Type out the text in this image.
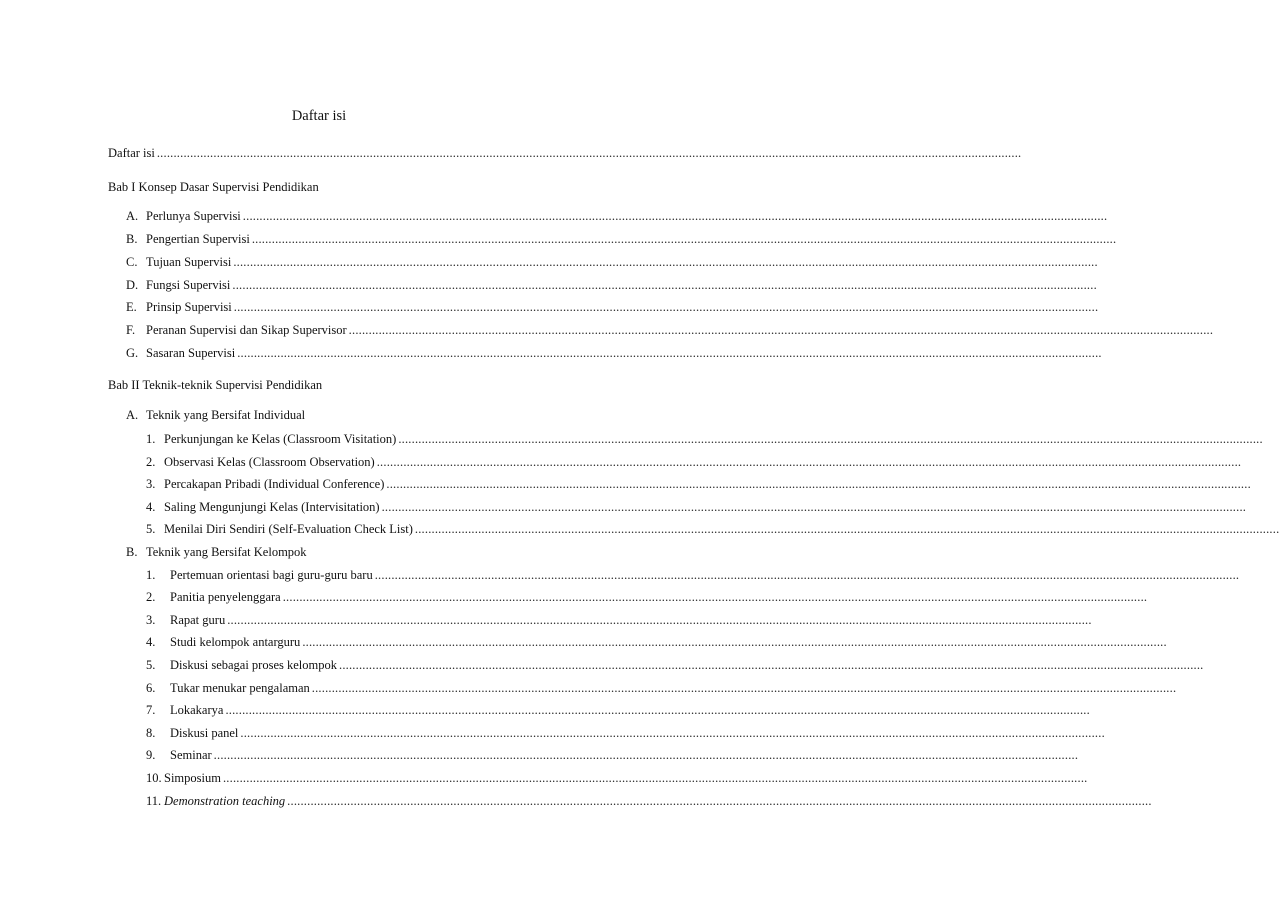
Daftar isi
Daftar isi ....................................................................................................................................................................................................................................................................
Bab I Konsep Dasar Supervisi Pendidikan
A. Perlunya Supervisi ....................................................................................................................................................................................................................................................................
B. Pengertian Supervisi ....................................................................................................................................................................................................................................................................
C. Tujuan Supervisi ....................................................................................................................................................................................................................................................................
D. Fungsi Supervisi ....................................................................................................................................................................................................................................................................
E. Prinsip Supervisi ....................................................................................................................................................................................................................................................................
F. Peranan Supervisi dan Sikap Supervisor ....................................................................................................................................................................................................................................................................
G. Sasaran Supervisi ....................................................................................................................................................................................................................................................................
Bab II Teknik-teknik Supervisi Pendidikan
A. Teknik yang Bersifat Individual
1. Perkunjungan ke Kelas (Classroom Visitation) ....................................................................................................................................................................................................................................................................
2. Observasi Kelas (Classroom Observation) ....................................................................................................................................................................................................................................................................
3. Percakapan Pribadi (Individual Conference) ....................................................................................................................................................................................................................................................................
4. Saling Mengunjungi Kelas (Intervisitation) ....................................................................................................................................................................................................................................................................
5. Menilai Diri Sendiri (Self-Evaluation Check List) ....................................................................................................................................................................................................................................................................
B. Teknik yang Bersifat Kelompok
1.	Pertemuan orientasi bagi guru-guru baru ....................................................................................................................................................................................................................................................................
2.	Panitia penyelenggara ....................................................................................................................................................................................................................................................................
3.	Rapat guru ....................................................................................................................................................................................................................................................................
4.	Studi kelompok antarguru ....................................................................................................................................................................................................................................................................
5.	Diskusi sebagai proses kelompok ....................................................................................................................................................................................................................................................................
6.	Tukar menukar pengalaman ....................................................................................................................................................................................................................................................................
7.	Lokakarya ....................................................................................................................................................................................................................................................................
8.	Diskusi panel ....................................................................................................................................................................................................................................................................
9.	Seminar ....................................................................................................................................................................................................................................................................
10. Simposium ....................................................................................................................................................................................................................................................................
11. Demonstration teaching ....................................................................................................................................................................................................................................................................
